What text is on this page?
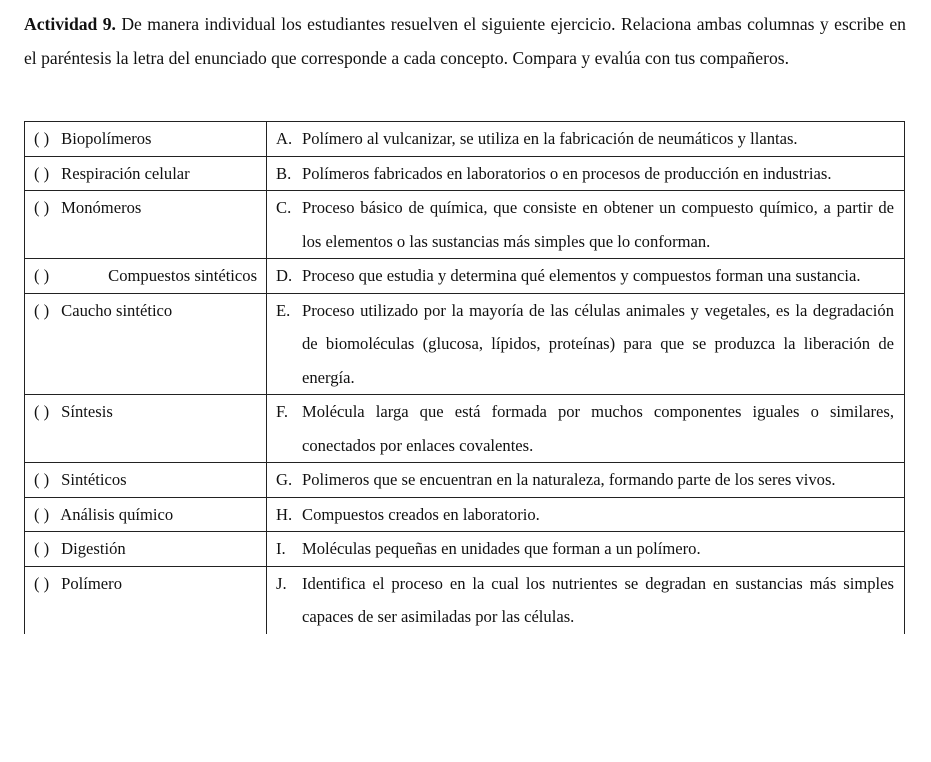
Actividad 9. De manera individual los estudiantes resuelven el siguiente ejercicio. Relaciona ambas columnas y escribe en el paréntesis la letra del enunciado que corresponde a cada concepto. Compara y evalúa con tus compañeros.

( ) Biopolímeros	A. Polímero al vulcanizar, se utiliza en la fabricación de neumáticos y llantas.

( ) Respiración celular	B. Polímeros fabricados en laboratorios o en procesos de producción en industrias.

( ) Monómeros	C. Proceso básico de química, que consiste en obtener un compuesto químico, a partir de los elementos o las sustancias más simples que lo conforman.

( ) Compuestos sintéticos	D. Proceso que estudia y determina qué elementos y compuestos forman una sustancia.

( ) Caucho sintético	E. Proceso utilizado por la mayoría de las células animales y vegetales, es la degradación de biomoléculas (glucosa, lípidos, proteínas) para que se produzca la liberación de energía.

( ) Síntesis	F. Molécula larga que está formada por muchos componentes iguales o similares, conectados por enlaces covalentes.

( ) Sintéticos	G. Polimeros que se encuentran en la naturaleza, formando parte de los seres vivos.

( ) Análisis químico	H. Compuestos creados en laboratorio.

( ) Digestión	I. Moléculas pequeñas en unidades que forman a un polímero.

( ) Polímero	J. Identifica el proceso en la cual los nutrientes se degradan en sustancias más simples capaces de ser asimiladas por las células.
